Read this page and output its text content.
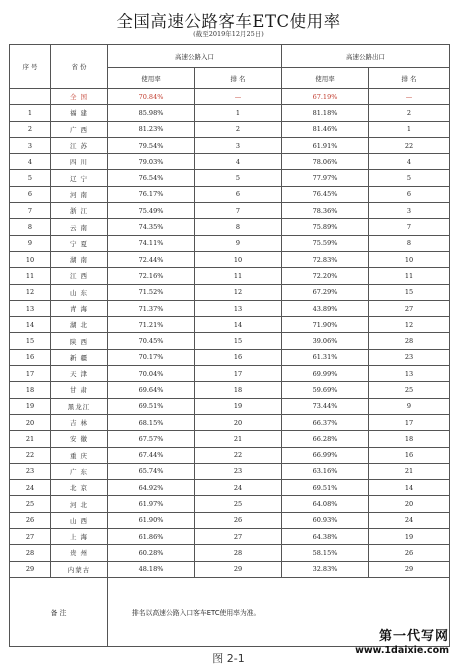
全国高速公路客车ETC使用率
(截至2019年12月25日)
序 号	省 份	高速公路入口		高速公路出口	
		使用率	排 名	使用率	排 名
	全 国	70.84%	—	67.19%	—
1	福 建	85.98%	1	81.18%	2
2	广 西	81.23%	2	81.46%	1
3	江 苏	79.54%	3	61.91%	22
4	四 川	79.03%	4	78.06%	4
5	辽 宁	76.54%	5	77.97%	5
6	河 南	76.17%	6	76.45%	6
7	浙 江	75.49%	7	78.36%	3
8	云 南	74.35%	8	75.89%	7
9	宁 夏	74.11%	9	75.59%	8
10	湖 南	72.44%	10	72.83%	10
11	江 西	72.16%	11	72.20%	11
12	山 东	71.52%	12	67.29%	15
13	青 海	71.37%	13	43.89%	27
14	湖 北	71.21%	14	71.90%	12
15	陕 西	70.45%	15	39.06%	28
16	新 疆	70.17%	16	61.31%	23
17	天 津	70.04%	17	69.99%	13
18	甘 肃	69.64%	18	59.69%	25
19	黑龙江	69.51%	19	73.44%	9
20	吉 林	68.15%	20	66.37%	17
21	安 徽	67.57%	21	66.28%	18
22	重 庆	67.44%	22	66.99%	16
23	广 东	65.74%	23	63.16%	21
24	北 京	64.92%	24	69.51%	14
25	河 北	61.97%	25	64.08%	20
26	山 西	61.90%	26	60.93%	24
27	上 海	61.86%	27	64.38%	19
28	贵 州	60.28%	28	58.15%	26
29	内蒙古	48.18%	29	32.83%	29
备 注		排名以高速公路入口客车ETC使用率为准。			
第一代写网
www.1daixie.com
图 2-1
